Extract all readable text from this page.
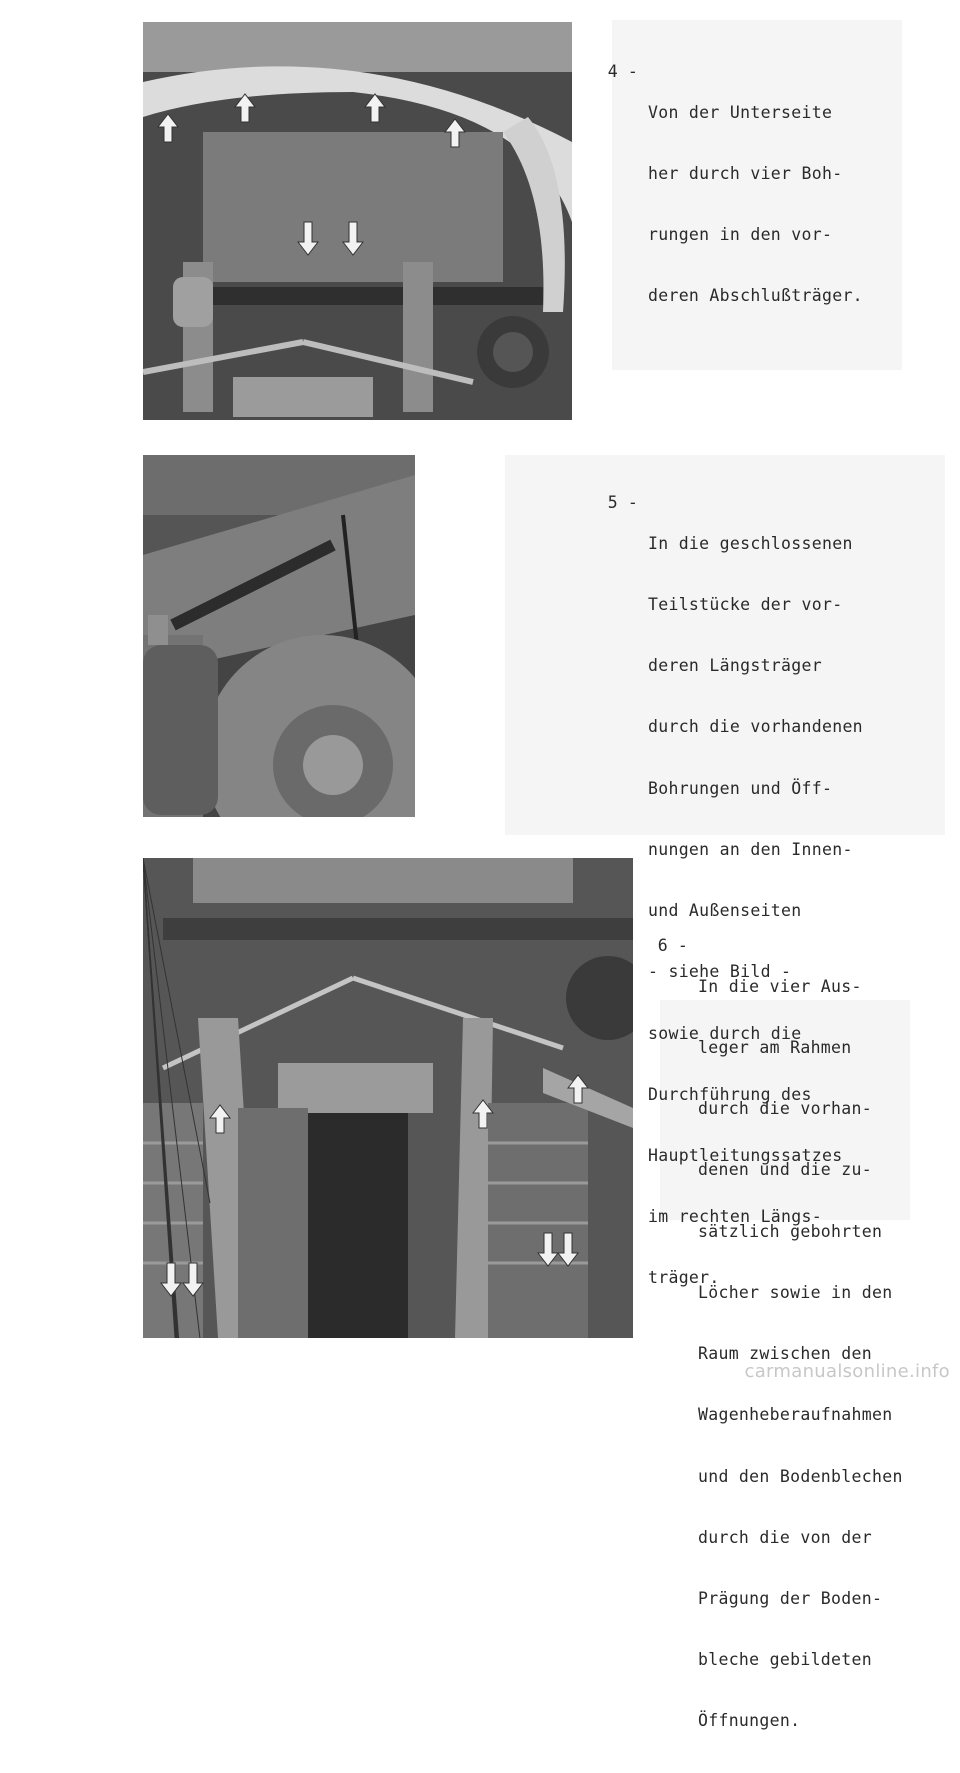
4 -

Von der Unterseite

her durch vier Boh-

rungen in den vor-

deren Abschlußträger.

5 -

In die geschlossenen

Teilstücke der vor-

deren Längsträger

durch die vorhandenen

Bohrungen und Öff-

nungen an den Innen-

und Außenseiten

- siehe Bild -

sowie durch die

Durchführung des

Hauptleitungssatzes

im rechten Längs-

träger.

6 -

In die vier Aus-

leger am Rahmen

durch die vorhan-

denen und die zu-

sätzlich gebohrten

Löcher sowie in den

Raum zwischen den

Wagenheberaufnahmen

und den Bodenblechen

durch die von der

Prägung der Boden-

bleche gebildeten

Öffnungen.

carmanualsonline.info
